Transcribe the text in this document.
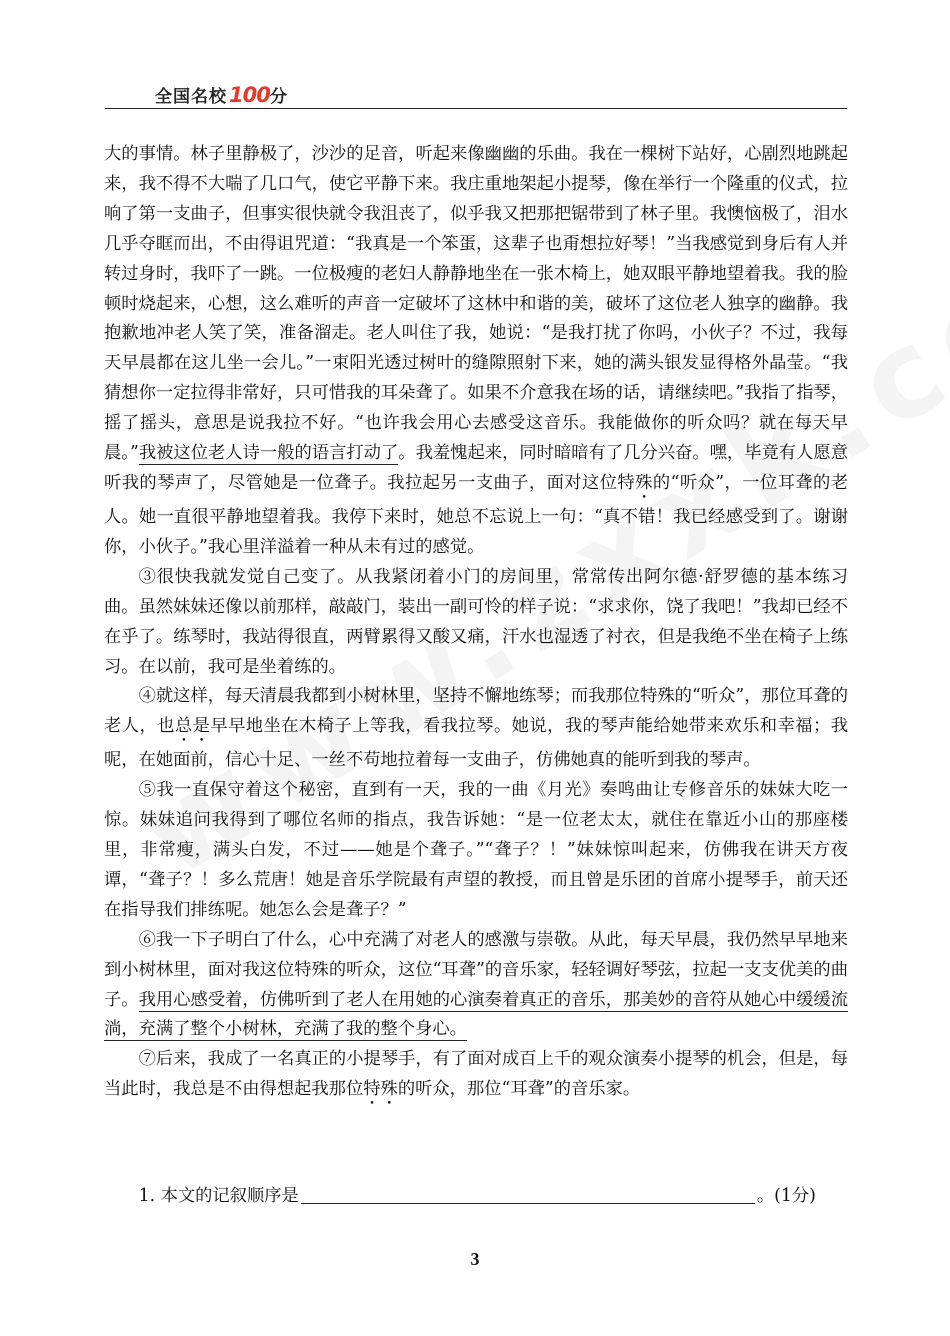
全国名校100分

大的事情。林子里静极了，沙沙的足音，听起来像幽幽的乐曲。我在一棵树下站好，心剧烈地跳起来，我不得不大喘了几口气，使它平静下来。我庄重地架起小提琴，像在举行一个隆重的仪式，拉响了第一支曲子，但事实很快就令我沮丧了，似乎我又把那把锯带到了林子里。我懊恼极了，泪水几乎夺眶而出，不由得诅咒道：“我真是一个笨蛋，这辈子也甭想拉好琴！”当我感觉到身后有人并转过身时，我吓了一跳。一位极瘦的老妇人静静地坐在一张木椅上，她双眼平静地望着我。我的脸顿时烧起来，心想，这么难听的声音一定破坏了这林中和谐的美，破坏了这位老人独享的幽静。我抱歉地冲老人笑了笑，准备溜走。老人叫住了我，她说：“是我打扰了你吗，小伙子？不过，我每天早晨都在这儿坐一会儿。”一束阳光透过树叶的缝隙照射下来，她的满头银发显得格外晶莹。“我猜想你一定拉得非常好，只可惜我的耳朵聋了。如果不介意我在场的话，请继续吧。”我指了指琴，摇了摇头，意思是说我拉不好。“也许我会用心去感受这音乐。我能做你的听众吗？就在每天早晨。”我被这位老人诗一般的语言打动了。我羞愧起来，同时暗暗有了几分兴奋。嘿，毕竟有人愿意听我的琴声了，尽管她是一位聋子。我拉起另一支曲子，面对这位特殊的“听众”，一位耳聋的老人。她一直很平静地望着我。我停下来时，她总不忘说上一句：“真不错！我已经感受到了。谢谢你，小伙子。”我心里洋溢着一种从未有过的感觉。

③很快我就发觉自己变了。从我紧闭着小门的房间里，常常传出阿尔德·舒罗德的基本练习曲。虽然妹妹还像以前那样，敲敲门，装出一副可怜的样子说：“求求你，饶了我吧！”我却已经不在乎了。练琴时，我站得很直，两臂累得又酸又痛，汗水也湿透了衬衣，但是我绝不坐在椅子上练习。在以前，我可是坐着练的。

④就这样，每天清晨我都到小树林里，坚持不懈地练琴；而我那位特殊的“听众”，那位耳聋的老人，也总是早早地坐在木椅子上等我，看我拉琴。她说，我的琴声能给她带来欢乐和幸福；我呢，在她面前，信心十足、一丝不苟地拉着每一支曲子，仿佛她真的能听到我的琴声。

⑤我一直保守着这个秘密，直到有一天，我的一曲《月光》奏鸣曲让专修音乐的妹妹大吃一惊。妹妹追问我得到了哪位名师的指点，我告诉她：“是一位老太太，就住在靠近小山的那座楼里，非常瘦，满头白发，不过——她是个聋子。”“聋子？！”妹妹惊叫起来，仿佛我在讲天方夜谭，“聋子？！多么荒唐！她是音乐学院最有声望的教授，而且曾是乐团的首席小提琴手，前天还在指导我们排练呢。她怎么会是聋子？”

⑥我一下子明白了什么，心中充满了对老人的感激与崇敬。从此，每天早晨，我仍然早早地来到小树林里，面对我这位特殊的听众，这位“耳聋”的音乐家，轻轻调好琴弦，拉起一支支优美的曲子。我用心感受着，仿佛听到了老人在用她的心演奏着真正的音乐，那美妙的音符从她心中缓缓流淌，充满了整个小树林，充满了我的整个身心。

⑦后来，我成了一名真正的小提琴手，有了面对成百上千的观众演奏小提琴的机会，但是，每当此时，我总是不由得想起我那位特殊的听众，那位“耳聋”的音乐家。

1. 本文的记叙顺序是	。(1分)
3
